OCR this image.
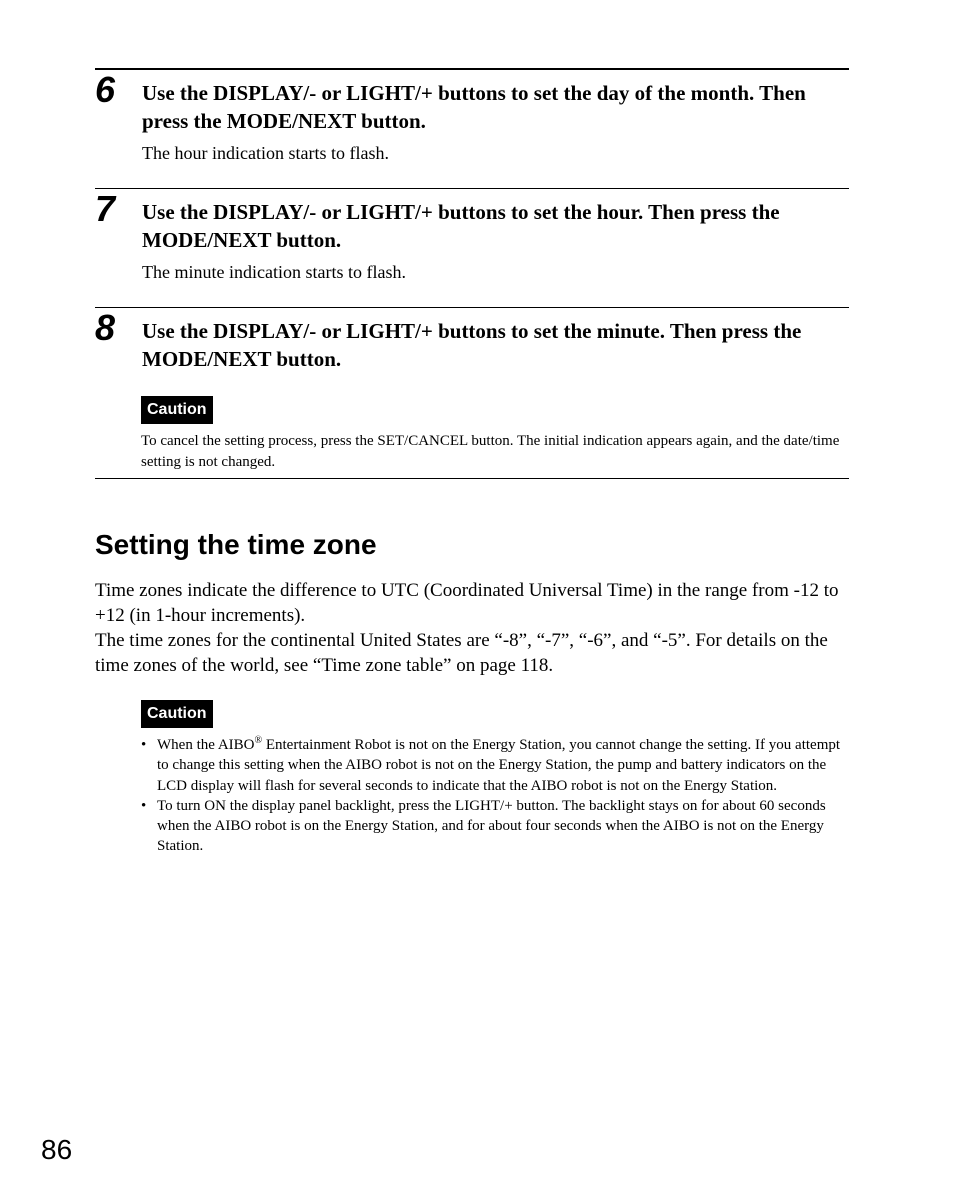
6 Use the DISPLAY/- or LIGHT/+ buttons to set the day of the month. Then press the MODE/NEXT button.
The hour indication starts to flash.
7 Use the DISPLAY/- or LIGHT/+ buttons to set the hour. Then press the MODE/NEXT button.
The minute indication starts to flash.
8 Use the DISPLAY/- or LIGHT/+ buttons to set the minute. Then press the MODE/NEXT button.
Caution
To cancel the setting process, press the SET/CANCEL button. The initial indication appears again, and the date/time setting is not changed.
Setting the time zone
Time zones indicate the difference to UTC (Coordinated Universal Time) in the range from -12 to +12 (in 1-hour increments).
The time zones for the continental United States are “-8”, “-7”, “-6”, and “-5”. For details on the time zones of the world, see “Time zone table” on page 118.
Caution
• When the AIBO® Entertainment Robot is not on the Energy Station, you cannot change the setting. If you attempt to change this setting when the AIBO robot is not on the Energy Station, the pump and battery indicators on the LCD display will flash for several seconds to indicate that the AIBO robot is not on the Energy Station.
• To turn ON the display panel backlight, press the LIGHT/+ button. The backlight stays on for about 60 seconds when the AIBO robot is on the Energy Station, and for about four seconds when the AIBO is not on the Energy Station.
86
